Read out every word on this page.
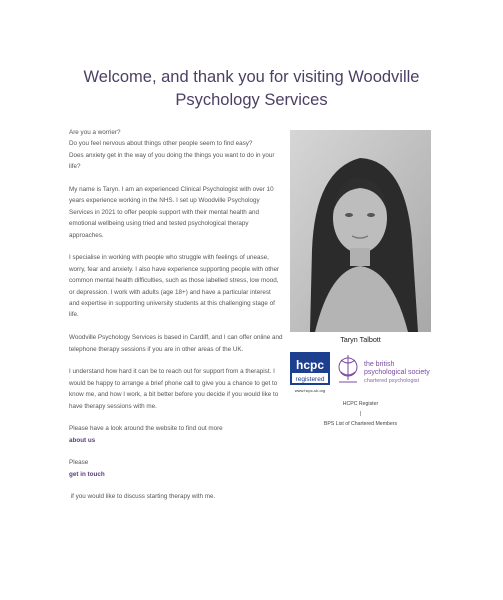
Welcome, and thank you for visiting Woodville
Psychology Services

Are you a worrier?
Do you feel nervous about things other people seem to find easy?
Does anxiety get in the way of you doing the things you want to do in your life?

My name is Taryn. I am an experienced Clinical Psychologist with over 10 years experience working in the NHS. I set up Woodville Psychology Services in 2021 to offer people support with their mental health and emotional wellbeing using tried and tested psychological therapy approaches.

I specialise in working with people who struggle with feelings of unease, worry, fear and anxiety. I also have experience supporting people with other common mental health difficulties, such as those labelled stress, low mood, or depression. I work with adults (age 18+) and have a particular interest and expertise in supporting university students at this challenging stage of life.

Woodville Psychology Services is based in Cardiff, and I can offer online and telephone therapy sessions if you are in other areas of the UK.

I understand how hard it can be to reach out for support from a therapist. I would be happy to arrange a brief phone call to give you a chance to get to know me, and how I work, a bit better before you decide if you would like to have therapy sessions with me.

Please have a look around the website to find out more

about us

Please

get in touch

if you would like to discuss starting therapy with me.

Taryn Talbott
hcpc
registered
www.hcpc-uk.org
the british
psychological society
chartered psychologist
HCPC Register
|
BPS List of Chartered Members
